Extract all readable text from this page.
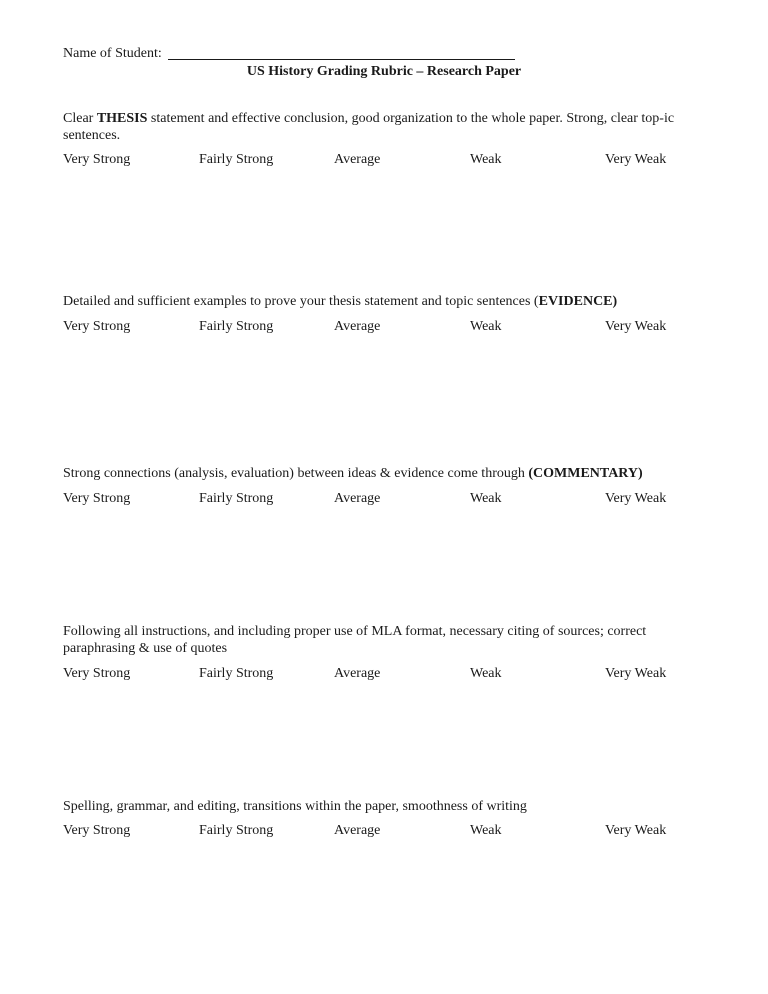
Name of Student:
US History Grading Rubric – Research Paper
Clear THESIS statement and effective conclusion, good organization to the whole paper. Strong, clear top-ic sentences.
Very Strong	Fairly Strong	Average	Weak	Very Weak
Detailed and sufficient examples to prove your thesis statement and topic sentences (EVIDENCE)
Very Strong	Fairly Strong	Average	Weak	Very Weak
Strong connections (analysis, evaluation) between ideas & evidence come through (COMMENTARY)
Very Strong	Fairly Strong	Average	Weak	Very Weak
Following all instructions, and including proper use of MLA format, necessary citing of sources; correct paraphrasing & use of quotes
Very Strong	Fairly Strong	Average	Weak	Very Weak
Spelling, grammar, and editing, transitions within the paper, smoothness of writing
Very Strong	Fairly Strong	Average	Weak	Very Weak
